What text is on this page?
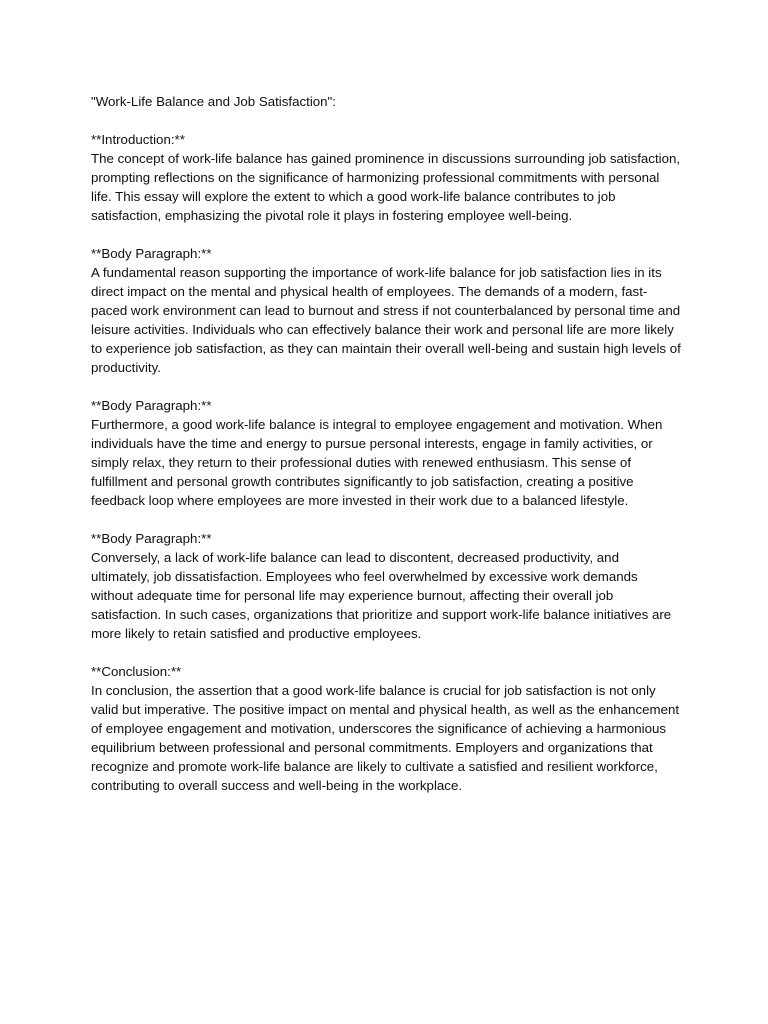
"Work-Life Balance and Job Satisfaction":

**Introduction:**

The concept of work-life balance has gained prominence in discussions surrounding job satisfaction, prompting reflections on the significance of harmonizing professional commitments with personal life. This essay will explore the extent to which a good work-life balance contributes to job satisfaction, emphasizing the pivotal role it plays in fostering employee well-being.

**Body Paragraph:**

A fundamental reason supporting the importance of work-life balance for job satisfaction lies in its direct impact on the mental and physical health of employees. The demands of a modern, fast-paced work environment can lead to burnout and stress if not counterbalanced by personal time and leisure activities. Individuals who can effectively balance their work and personal life are more likely to experience job satisfaction, as they can maintain their overall well-being and sustain high levels of productivity.

**Body Paragraph:**

Furthermore, a good work-life balance is integral to employee engagement and motivation. When individuals have the time and energy to pursue personal interests, engage in family activities, or simply relax, they return to their professional duties with renewed enthusiasm. This sense of fulfillment and personal growth contributes significantly to job satisfaction, creating a positive feedback loop where employees are more invested in their work due to a balanced lifestyle.

**Body Paragraph:**

Conversely, a lack of work-life balance can lead to discontent, decreased productivity, and ultimately, job dissatisfaction. Employees who feel overwhelmed by excessive work demands without adequate time for personal life may experience burnout, affecting their overall job satisfaction. In such cases, organizations that prioritize and support work-life balance initiatives are more likely to retain satisfied and productive employees.

**Conclusion:**

In conclusion, the assertion that a good work-life balance is crucial for job satisfaction is not only valid but imperative. The positive impact on mental and physical health, as well as the enhancement of employee engagement and motivation, underscores the significance of achieving a harmonious equilibrium between professional and personal commitments. Employers and organizations that recognize and promote work-life balance are likely to cultivate a satisfied and resilient workforce, contributing to overall success and well-being in the workplace.
